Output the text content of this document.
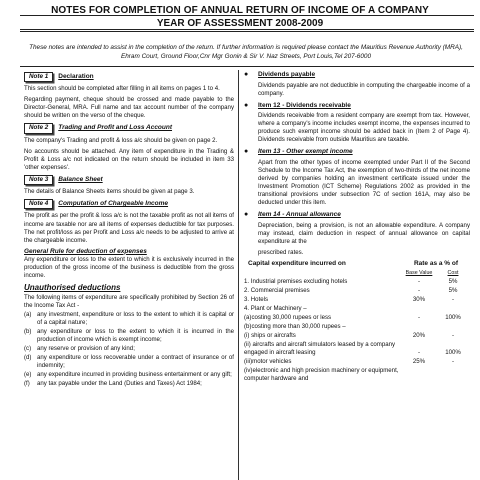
NOTES FOR COMPLETION OF ANNUAL RETURN OF INCOME OF A COMPANY
YEAR OF ASSESSMENT 2008-2009
These notes are intended to assist in the completion of the return. If further information is required please contact the Mauritius Revenue Authority (MRA), Ehram Court, Ground Floor,Cnr Mgr Gonin & Sir V. Naz Streets, Port Louis,Tel 207-6000
Note 1	Declaration

This section should be completed after filling in all items on pages 1 to 4.

Regarding payment, cheque should be crossed and made payable to the Director-General, MRA. Full name and tax account number of the company should be written on the verso of the cheque.

Note 2	Trading and Profit and Loss Account

The company's Trading and profit & loss a/c should be given on page 2.

No accounts should be attached. Any item of expenditure in the Trading & Profit & Loss a/c not indicated on the return should be included in item 33 'other expenses'.

Note 3	Balance Sheet

The details of Balance Sheets items should be given at page 3.

Note 4	Computation of Chargeable Income

The profit as per the profit & loss a/c is not the taxable profit as not all items of income are taxable nor are all items of expenses deductible for tax purposes. The net profit/loss as per Profit and Loss a/c needs to be adjusted to arrive at the chargeable income.

General Rule for deduction of expenses

Any expenditure or loss to the extent to which it is exclusively incurred in the production of the gross income of the business is deductible from the gross income.

Unauthorised deductions

The following items of expenditure are specifically prohibited by Section 26 of the Income Tax Act -

(a) any investment, expenditure or loss to the extent to which it is capital or of a capital nature;
(b) any expenditure or loss to the extent to which it is incurred in the production of income which is exempt income;
(c) any reserve or provision of any kind;
(d) any expenditure or loss recoverable under a contract of insurance or of indemnity;
(e) any expenditure incurred in providing business entertainment or any gift;
(f)	any tax payable under the Land (Duties and Taxes) Act 1984;
●	Dividends payable

Dividends payable are not deductible in computing the chargeable income of a company.

●	Item 12 - Dividends receivable

Dividends receivable from a resident company are exempt from tax. However, where a company's income includes exempt income, the expenses incurred to produce such exempt income should be added back in (Item 2 of Page 4). Dividends receivable from outside Mauritius are taxable.

●	Item 13 - Other exempt income

Apart from the other types of income exempted under Part II of the Second Schedule to the Income Tax Act, the exemption of two-thirds of the net income derived by companies holding an investment certificate issued under the Investment Promotion (ICT Scheme) Regulations 2002 as provided in the transitional provisions under subsection 7C of section 161A, may also be deducted under this item.

●	Item 14 - Annual allowance

Depreciation, being a provision, is not an allowable expenditure. A company may instead, claim deduction in respect of annual allowance on capital expenditure at the

prescribed rates.

Capital expenditure incurred on	Rate as a % of	
	Base Value	Cost
1. Industrial premises excluding hotels	-	5%
2. Commercial premises	-	5%
3. Hotels	30%	-
4. Plant or Machinery –		
(a)costing 30,000 rupees or less	-	100%
(b)costing more than 30,000 rupees –		
(i) ships or aircrafts	20%	-
(ii) aircrafts and aircraft simulators leased by a company engaged in aircraft leasing	-	100%
(iii)motor vehicles	25%	-
(iv)electronic and high precision machinery or equipment, computer hardware and		
